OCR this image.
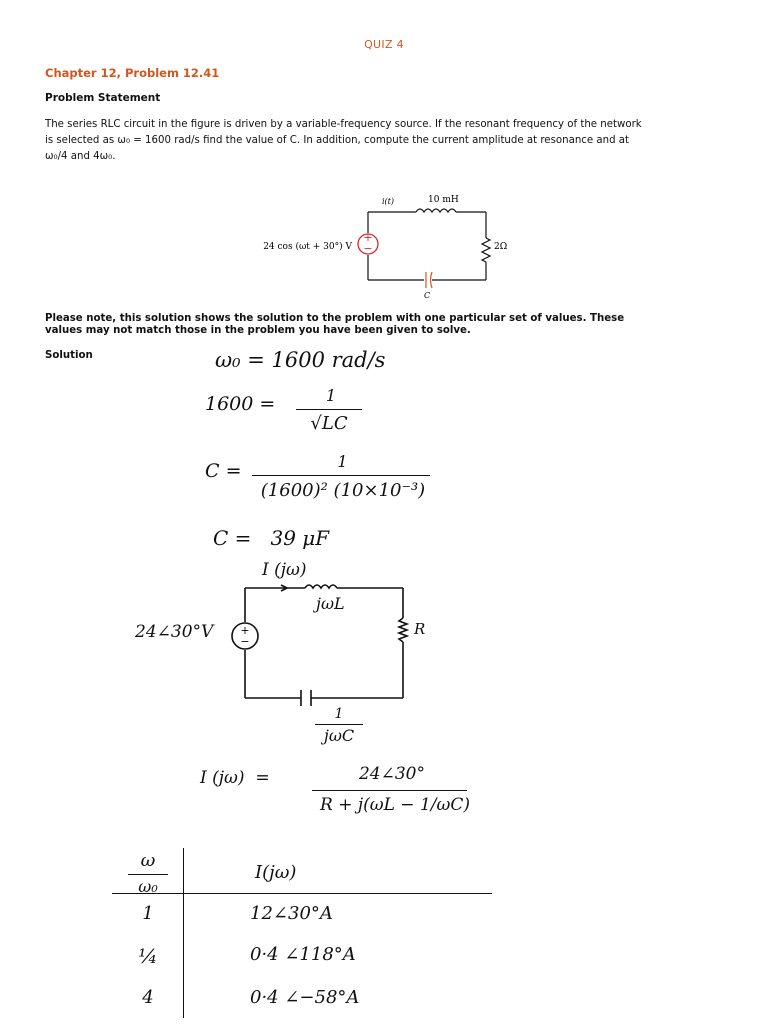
QUIZ 4
Chapter 12, Problem 12.41
Problem Statement
The series RLC circuit in the figure is driven by a variable-frequency source. If the resonant frequency of the network
is selected as ω₀ = 1600 rad/s find the value of C. In addition, compute the current amplitude at resonance and at
ω₀/4 and 4ω₀.
+
−
i(t)	10 mH
2Ω
C
24 cos (ωt + 30°) V
Please note, this solution shows the solution to the problem with one particular set of values. These
values may not match those in the problem you have been given to solve.
Solution	ω₀ = 1600 rad/s
1600 =	1
√LC
C =	1
(1600)² (10×10⁻³)
C =   39 μF
I (jω)
+
−
jωL
R
24∠30°V
1
jωC
I (jω)  =	24∠30°
R + j(ωL − 1/ωC)
ω
ω₀
I(jω)
1	12∠30°A
¼	0·4 ∠118°A
4	0·4 ∠−58°A
